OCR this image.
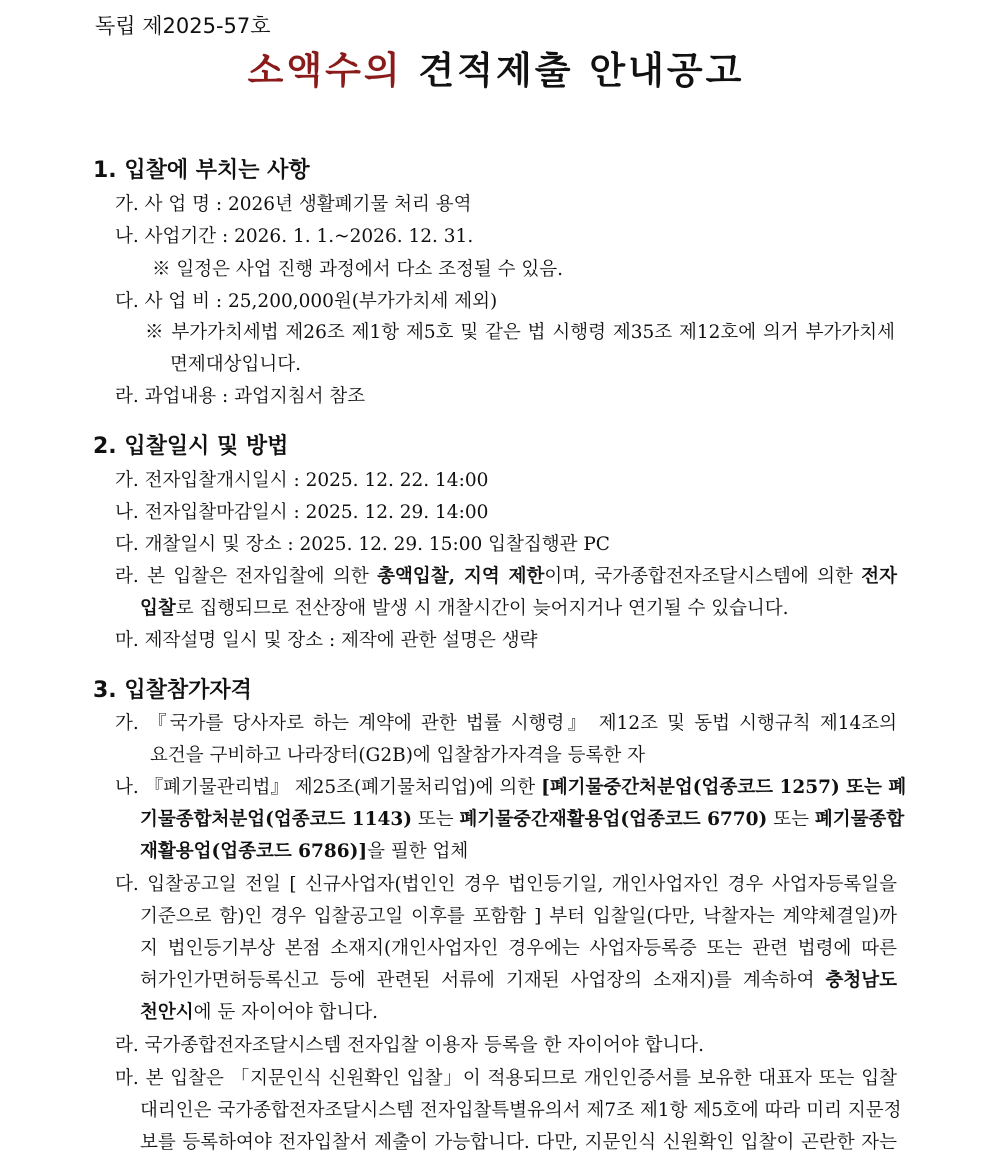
독립 제2025-57호
소액수의 견적제출 안내공고
1. 입찰에 부치는 사항
가. 사 업 명 : 2026년 생활폐기물 처리 용역
나. 사업기간 : 2026. 1. 1.~2026. 12. 31.
※ 일정은 사업 진행 과정에서 다소 조정될 수 있음.
다. 사 업 비 : 25,200,000원(부가가치세 제외)
※ 부가가치세법 제26조 제1항 제5호 및 같은 법 시행령 제35조 제12호에 의거 부가가치세
면제대상입니다.
라. 과업내용 : 과업지침서 참조
2. 입찰일시 및 방법
가. 전자입찰개시일시 : 2025. 12. 22. 14:00
나. 전자입찰마감일시 : 2025. 12. 29. 14:00
다. 개찰일시 및 장소 : 2025. 12. 29. 15:00 입찰집행관 PC
라. 본 입찰은 전자입찰에 의한 총액입찰, 지역 제한이며, 국가종합전자조달시스템에 의한 전자
입찰로 집행되므로 전산장애 발생 시 개찰시간이 늦어지거나 연기될 수 있습니다.
마. 제작설명 일시 및 장소 : 제작에 관한 설명은 생략
3. 입찰참가자격
가. 『국가를 당사자로 하는 계약에 관한 법률 시행령』 제12조 및 동법 시행규칙 제14조의
요건을 구비하고 나라장터(G2B)에 입찰참가자격을 등록한 자
나. 『폐기물관리법』 제25조(폐기물처리업)에 의한 [폐기물중간처분업(업종코드 1257) 또는 폐
기물종합처분업(업종코드 1143) 또는 폐기물중간재활용업(업종코드 6770) 또는 폐기물종합
재활용업(업종코드 6786)]을 필한 업체
다. 입찰공고일 전일 [ 신규사업자(법인인 경우 법인등기일, 개인사업자인 경우 사업자등록일을
기준으로 함)인 경우 입찰공고일 이후를 포함함 ] 부터 입찰일(다만, 낙찰자는 계약체결일)까
지 법인등기부상 본점 소재지(개인사업자인 경우에는 사업자등록증 또는 관련 법령에 따른
허가인가면허등록신고 등에 관련된 서류에 기재된 사업장의 소재지)를 계속하여 충청남도
천안시에 둔 자이어야 합니다.
라. 국가종합전자조달시스템 전자입찰 이용자 등록을 한 자이어야 합니다.
마. 본 입찰은 「지문인식 신원확인 입찰」이 적용되므로 개인인증서를 보유한 대표자 또는 입찰
대리인은 국가종합전자조달시스템 전자입찰특별유의서 제7조 제1항 제5호에 따라 미리 지문정
보를 등록하여야 전자입찰서 제출이 가능합니다. 다만, 지문인식 신원확인 입찰이 곤란한 자는
